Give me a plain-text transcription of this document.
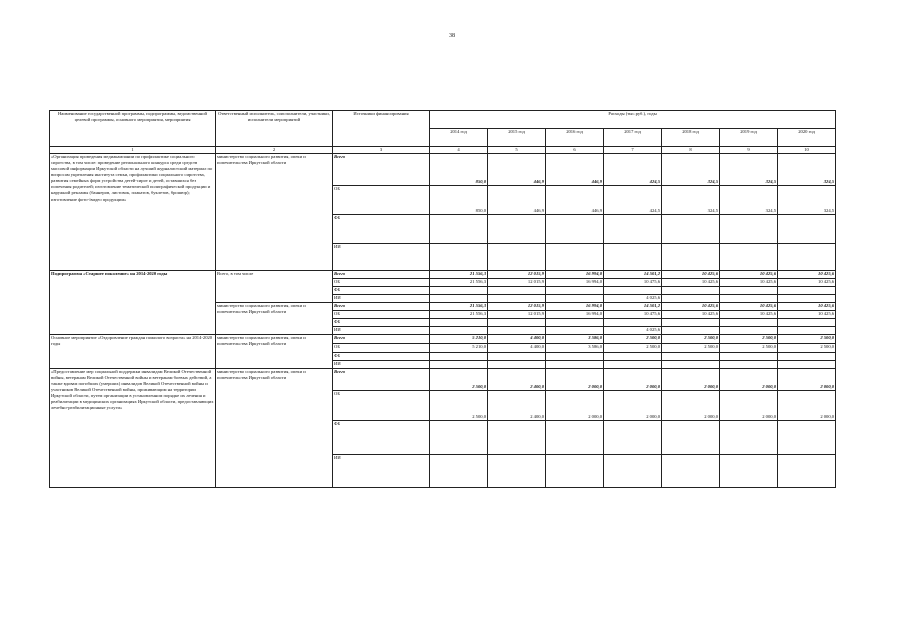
38
Наименование государственной программы, подпрограммы, ведомственной целевой программы, основного мероприятия, мероприятия	Ответственный исполнитель, соисполнители, участники, исполнители мероприятий	Источники финансирования	Расходы (тыс.руб.), годы						
			2014 год	2015 год	2016 год	2017 год	2018 год	2019 год	2020 год
1	2	3	4	5	6	7	8	9	10
«Организация проведения медиакампании по профилактике социального сиротства, в том числе: проведение регионального конкурса среди средств массовой информации Иркутской области на лучший журналистский материал по вопросам укрепления института семьи, профилактики социального сиротства, развития семейных форм устройства детей-сирот и детей, оставшихся без попечения родителей; изготовление тематической полиграфической продукции и наружной рекламы (баннеров, листовок, плакатов, буклетов, брошюр); изготовление фото-/видео продукции»	министерство социального развития, опеки и попечительства Иркутской области	Всего	850,0	446,9	446,9	424,5	324,5	324,5	324,5
		ОБ	850,0	446,9	446,9	424,5	324,5	324,5	324,5
		ФБ							
		ИИ							
Подпрограмма «Старшее поколение» на 2014-2020 годы	Всего, в том числе	Всего	21 556,3	12 015,9	16 994,0	14 501,2	10 425,6	10 425,6	10 425,6
		ОБ	21 556,3	12 015,9	16 994,0	10 475,6	10 425,6	10 425,6	10 425,6
		ФБ							
		ИИ				4 025,6			
	министерство социального развития, опеки и попечительства Иркутской области	Всего	21 556,3	12 015,9	16 994,0	14 501,2	10 425,6	10 425,6	10 425,6
		ОБ	21 556,3	12 015,9	16 994,0	10 475,6	10 425,6	10 425,6	10 425,6
		ФБ							
		ИИ				4 025,6			
Основное мероприятие «Оздоровление граждан пожилого возраста» на 2014-2020 годы	министерство социального развития, опеки и попечительства Иркутской области	Всего	5 210,0	4 400,0	3 586,0	2 500,0	2 500,0	2 500,0	2 500,0
		ОБ	5 210,0	4 400,0	3 586,0	2 500,0	2 500,0	2 500,0	2 500,0
		ФБ							
		ИИ							
«Предоставление мер социальной поддержки инвалидам Великой Отечественной войны, ветеранам Великой Отечественной войны и ветеранам боевых действий, а также вдовам погибших (умерших) инвалидов Великой Отечественной войны и участников Великой Отечественной войны, проживающим на территории Иркутской области, путем организации в установленном порядке их лечения и реабилитации в медицинских организациях Иркутской области, предоставляющих лечебно-реабилитационные услуги»	министерство социального развития, опеки и попечительства Иркутской области	Всего	2 500,0	2 400,0	2 000,0	2 000,0	2 000,0	2 000,0	2 000,0
		ОБ	2 500,0	2 400,0	2 000,0	2 000,0	2 000,0	2 000,0	2 000,0
		ФБ							
		ИИ							
